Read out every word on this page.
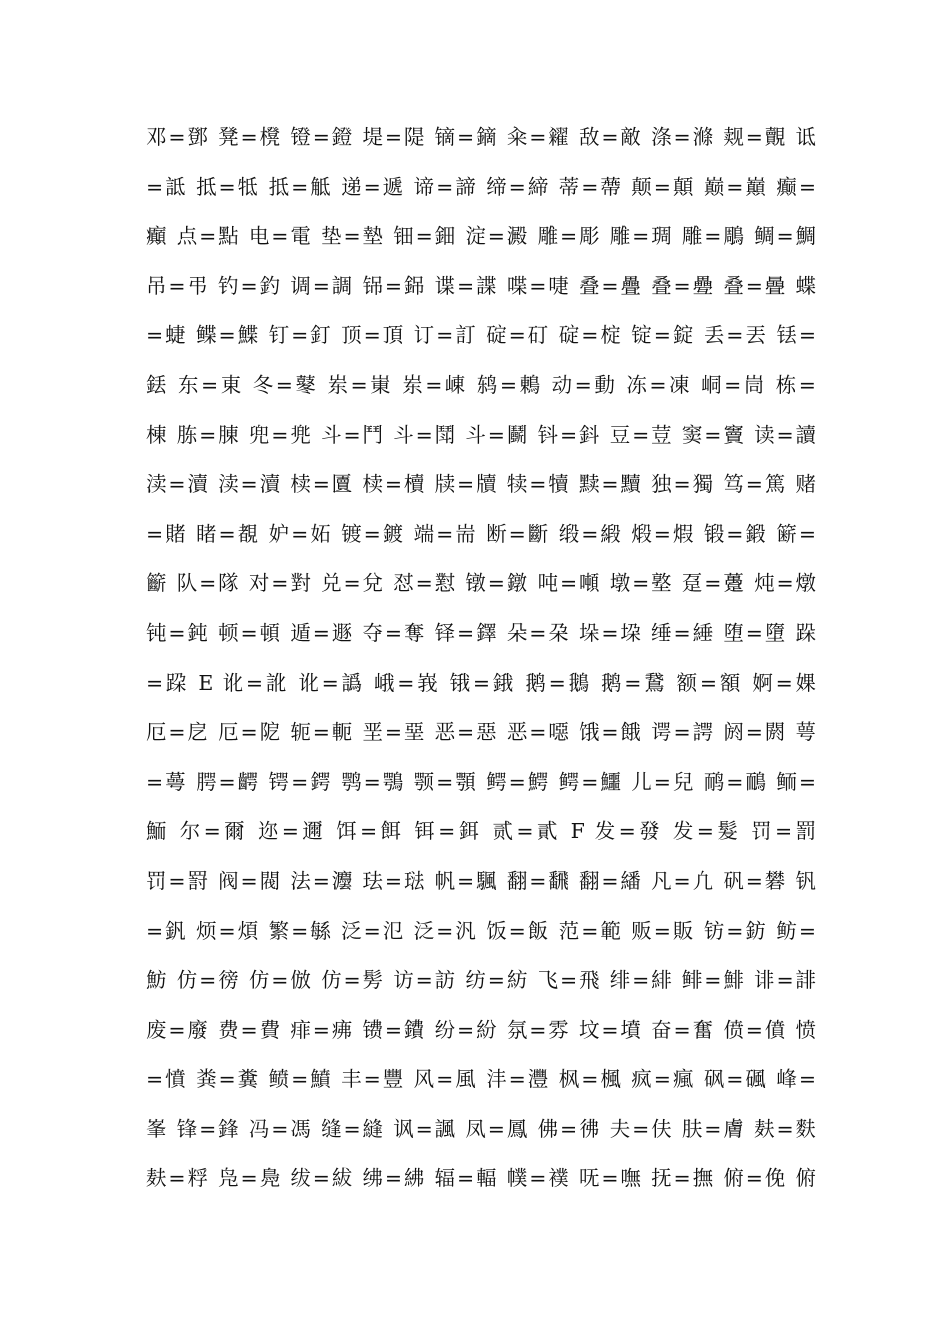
邓=鄧 凳=櫈 镫=鐙 堤=隄 镝=鏑 籴=糴 敌=敵 涤=滌 觌=覿 诋
=詆 抵=牴 抵=觝 递=遞 谛=諦 缔=締 蒂=蔕 颠=顛 巅=巔 癫=
癲 点=點 电=電 垫=墊 钿=鈿 淀=澱 雕=彫 雕=琱 雕=鵰 鲷=鯛
吊=弔 钓=釣 调=調 铞=銱 谍=諜 喋=啑 叠=疊 叠=疉 叠=曡 蝶
=蜨 鲽=鰈 钉=釘 顶=頂 订=訂 碇=矴 碇=椗 锭=錠 丢=丟 铥=
銩 东=東 冬=鼕 岽=崬 岽=崠 鸫=鶇 动=動 冻=凍 峒=峝 栋=
棟 胨=腖 兜=兠 斗=鬥 斗=鬦 斗=鬬 钭=鈄 豆=荳 窦=竇 读=讀
渎=瀆 渎=瀆 椟=匵 椟=櫝 牍=牘 犊=犢 黩=黷 独=獨 笃=篤 赌
=賭 睹=覩 妒=妬 镀=鍍 端=耑 断=斷 缎=緞 煅=煆 锻=鍛 簖=
籪 队=隊 对=對 兑=兌 怼=懟 镦=鐓 吨=噸 墩=墪 趸=躉 炖=燉
钝=鈍 顿=頓 遁=遯 夺=奪 铎=鐸 朵=朶 垛=垜 缍=綞 堕=墮 跺
=跥 E 讹=訛 讹=譌 峨=峩 锇=鋨 鹅=鵝 鹅=鵞 额=額 婀=婐
厄=戹 厄=阸 轭=軛 垩=堊 恶=惡 恶=噁 饿=餓 谔=諤 阏=閼 萼
=蕚 腭=齶 锷=鍔 鹗=鶚 颚=顎 鳄=鰐 鳄=鱷 儿=兒 鸸=鴯 鲕=
鮞 尔=爾 迩=邇 饵=餌 铒=鉺 贰=貳 F 发=發 发=髮 罚=罰
罚=罸 阀=閥 法=灋 珐=琺 帆=颿 翻=飜 翻=繙 凡=凢 矾=礬 钒
=釩 烦=煩 繁=緐 泛=氾 泛=汎 饭=飯 范=範 贩=販 钫=鈁 鲂=
魴 仿=徬 仿=倣 仿=髣 访=訪 纺=紡 飞=飛 绯=緋 鲱=鯡 诽=誹
废=廢 费=費 痱=疿 镄=鐨 纷=紛 氛=雰 坟=墳 奋=奮 偾=僨 愤
=憤 粪=糞 鲼=鱝 丰=豐 风=風 沣=灃 枫=楓 疯=瘋 砜=碸 峰=
峯 锋=鋒 冯=馮 缝=縫 讽=諷 凤=鳳 佛=彿 夫=伕 肤=膚 麸=麩
麸=粰 凫=鳧 绂=紱 绋=紼 辐=輻 幞=襆 呒=嘸 抚=撫 俯=俛 俯
